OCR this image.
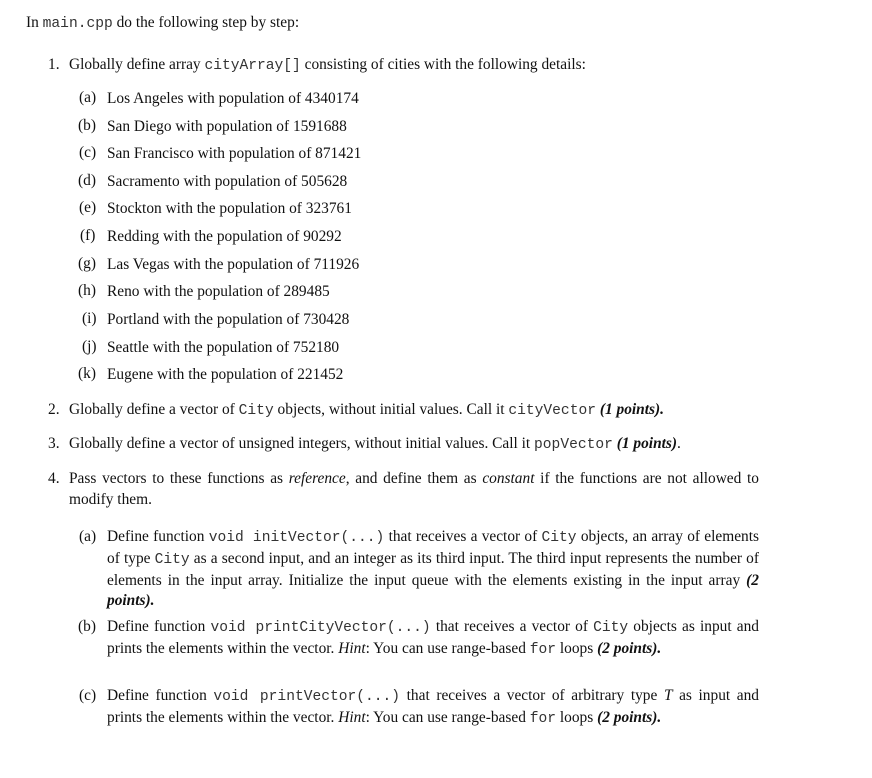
In main.cpp do the following step by step:
1. Globally define array cityArray[] consisting of cities with the following details:
(a) Los Angeles with population of 4340174
(b) San Diego with population of 1591688
(c) San Francisco with population of 871421
(d) Sacramento with population of 505628
(e) Stockton with the population of 323761
(f) Redding with the population of 90292
(g) Las Vegas with the population of 711926
(h) Reno with the population of 289485
(i) Portland with the population of 730428
(j) Seattle with the population of 752180
(k) Eugene with the population of 221452
2. Globally define a vector of City objects, without initial values. Call it cityVector (1 points).
3. Globally define a vector of unsigned integers, without initial values. Call it popVector (1 points).
4. Pass vectors to these functions as reference, and define them as constant if the functions are not allowed to modify them.
(a) Define function void initVector(...) that receives a vector of City objects, an array of elements of type City as a second input, and an integer as its third input. The third input represents the number of elements in the input array. Initialize the input queue with the elements existing in the input array (2 points).
(b) Define function void printCityVector(...) that receives a vector of City objects as input and prints the elements within the vector. Hint: You can use range-based for loops (2 points).
(c) Define function void printVector(...) that receives a vector of arbitrary type T as input and prints the elements within the vector. Hint: You can use range-based for loops (2 points).
